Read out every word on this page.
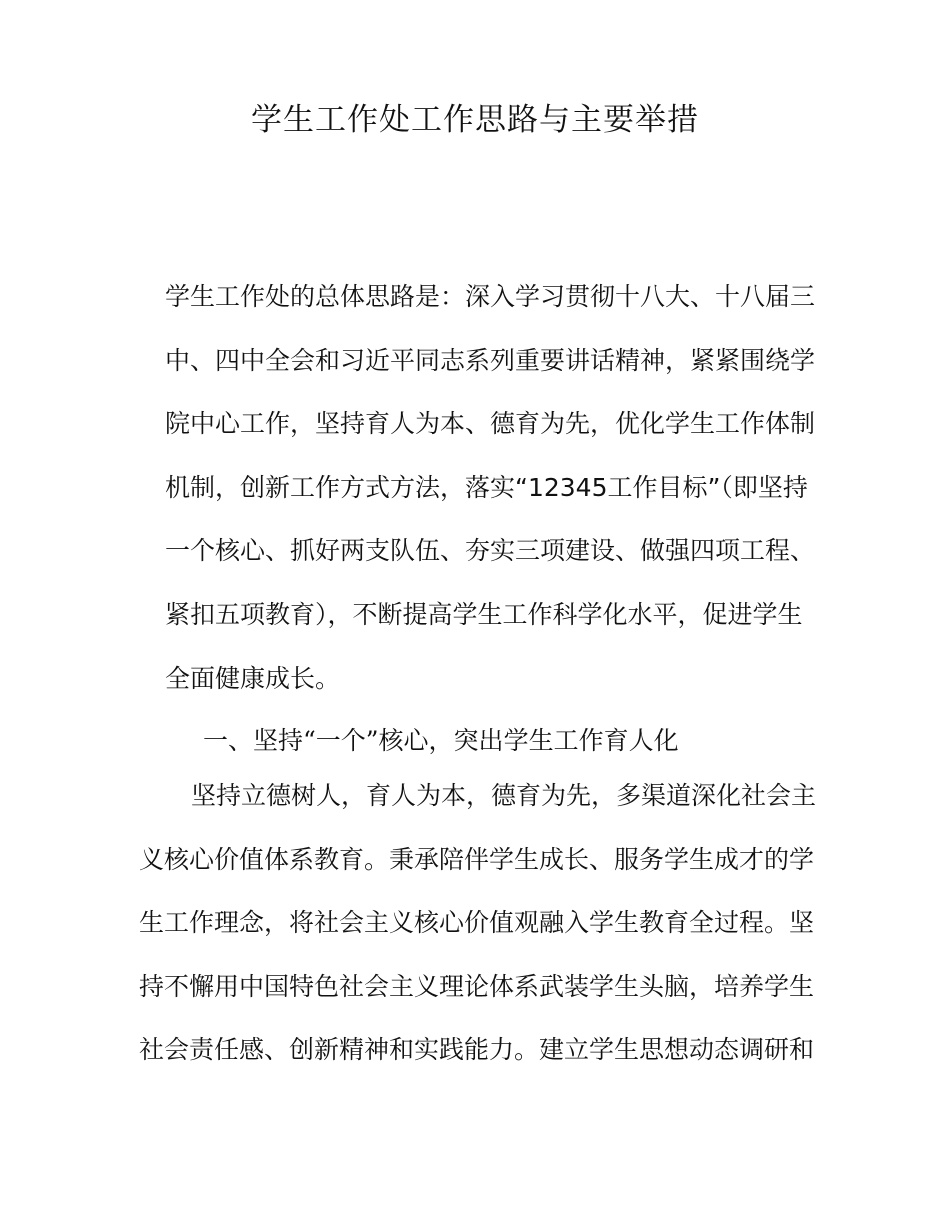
学生工作处工作思路与主要举措
学生工作处的总体思路是：深入学习贯彻十八大、十八届三
中、四中全会和习近平同志系列重要讲话精神，紧紧围绕学
院中心工作，坚持育人为本、德育为先，优化学生工作体制
机制，创新工作方式方法，落实“12345工作目标”（即坚持
一个核心、抓好两支队伍、夯实三项建设、做强四项工程、
紧扣五项教育），不断提高学生工作科学化水平，促进学生
全面健康成长。
一、坚持“一个”核心，突出学生工作育人化
坚持立德树人，育人为本，德育为先，多渠道深化社会主
义核心价值体系教育。秉承陪伴学生成长、服务学生成才的学
生工作理念，将社会主义核心价值观融入学生教育全过程。坚
持不懈用中国特色社会主义理论体系武装学生头脑，培养学生
社会责任感、创新精神和实践能力。建立学生思想动态调研和
